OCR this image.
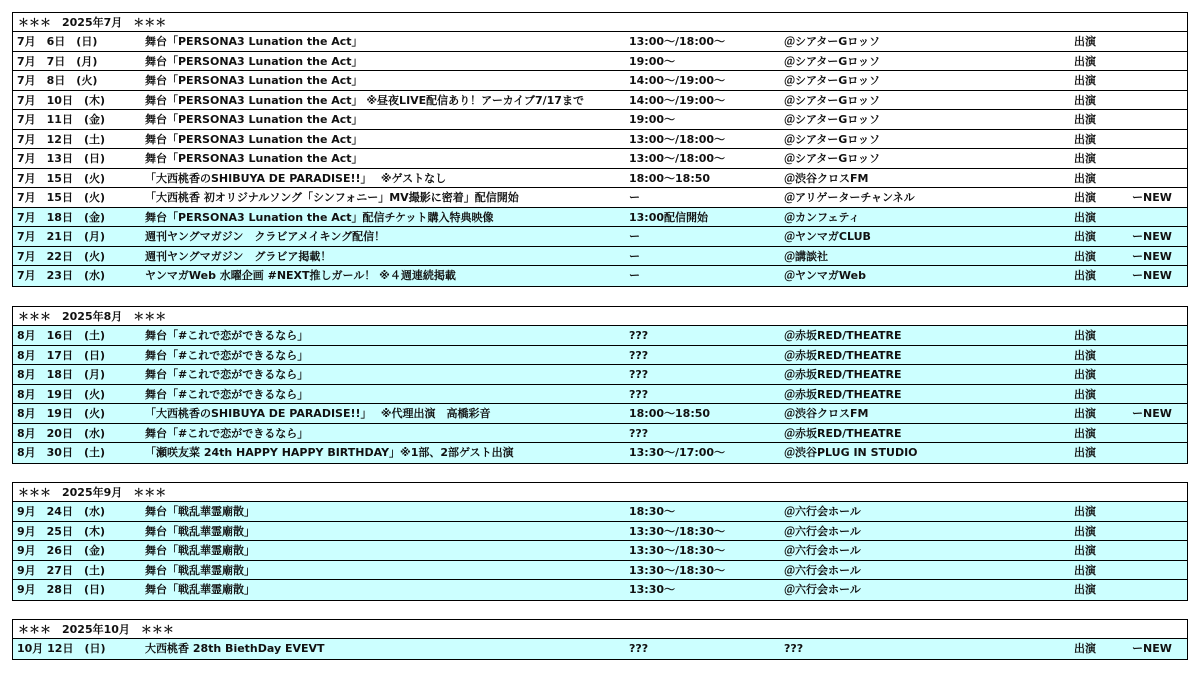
＊＊＊　2025年7月　＊＊＊
7月　6日　(日)	舞台「PERSONA3 Lunation the Act」	13:00～/18:00～	＠シアターGロッソ	出演
7月　7日　(月)	舞台「PERSONA3 Lunation the Act」	19:00～	＠シアターGロッソ	出演
7月　8日　(火)	舞台「PERSONA3 Lunation the Act」	14:00～/19:00～	＠シアターGロッソ	出演
7月　10日　(木)	舞台「PERSONA3 Lunation the Act」 ※昼夜LIVE配信あり！アーカイブ7/17まで	14:00～/19:00～	＠シアターGロッソ	出演
7月　11日　(金)	舞台「PERSONA3 Lunation the Act」	19:00～	＠シアターGロッソ	出演
7月　12日　(土)	舞台「PERSONA3 Lunation the Act」	13:00～/18:00～	＠シアターGロッソ	出演
7月　13日　(日)	舞台「PERSONA3 Lunation the Act」	13:00～/18:00～	＠シアターGロッソ	出演
7月　15日　(火)	「大西桃香のSHIBUYA DE PARADISE!!」　 ※ゲストなし	18:00～18:50	＠渋谷クロスFM	出演
7月　15日　(火)	「大西桃香 初オリジナルソング「シンフォニー」MV撮影に密着」配信開始	ー	＠アリゲーターチャンネル	出演	ーNEW
7月　18日　(金)	舞台「PERSONA3 Lunation the Act」配信チケット購入特典映像	13:00配信開始	＠カンフェティ	出演
7月　21日　(月)	週刊ヤングマガジン　クラビアメイキング配信！	ー	＠ヤンマガCLUB	出演	ーNEW
7月　22日　(火)	週刊ヤングマガジン　グラビア掲載！	ー	＠講談社	出演	ーNEW
7月　23日　(水)	ヤンマガWeb 水曜企画 #NEXT推しガール！ ※４週連続掲載	ー	＠ヤンマガWeb	出演	ーNEW
＊＊＊　2025年8月　＊＊＊
8月　16日　(土)	舞台「#これで恋ができるなら」	???	＠赤坂RED/THEATRE	出演
8月　17日　(日)	舞台「#これで恋ができるなら」	???	＠赤坂RED/THEATRE	出演
8月　18日　(月)	舞台「#これで恋ができるなら」	???	＠赤坂RED/THEATRE	出演
8月　19日　(火)	舞台「#これで恋ができるなら」	???	＠赤坂RED/THEATRE	出演
8月　19日　(火)	「大西桃香のSHIBUYA DE PARADISE!!」　 ※代理出演　高橋彩音	18:00～18:50	＠渋谷クロスFM	出演	ーNEW
8月　20日　(水)	舞台「#これで恋ができるなら」	???	＠赤坂RED/THEATRE	出演
8月　30日　(土)	「瀬咲友菜 24th HAPPY HAPPY BIRTHDAY」※1部、2部ゲスト出演	13:30～/17:00～	＠渋谷PLUG IN STUDIO	出演
＊＊＊　2025年9月　＊＊＊
9月　24日　(水)	舞台「戦乱華霊廟散」	18:30～	＠六行会ホール	出演
9月　25日　(木)	舞台「戦乱華霊廟散」	13:30～/18:30～	＠六行会ホール	出演
9月　26日　(金)	舞台「戦乱華霊廟散」	13:30～/18:30～	＠六行会ホール	出演
9月　27日　(土)	舞台「戦乱華霊廟散」	13:30～/18:30～	＠六行会ホール	出演
9月　28日　(日)	舞台「戦乱華霊廟散」	13:30～	＠六行会ホール	出演
＊＊＊　2025年10月　＊＊＊
10月 12日　(日)	大西桃香 28th BiethDay EVEVT	???	???	出演	ーNEW
